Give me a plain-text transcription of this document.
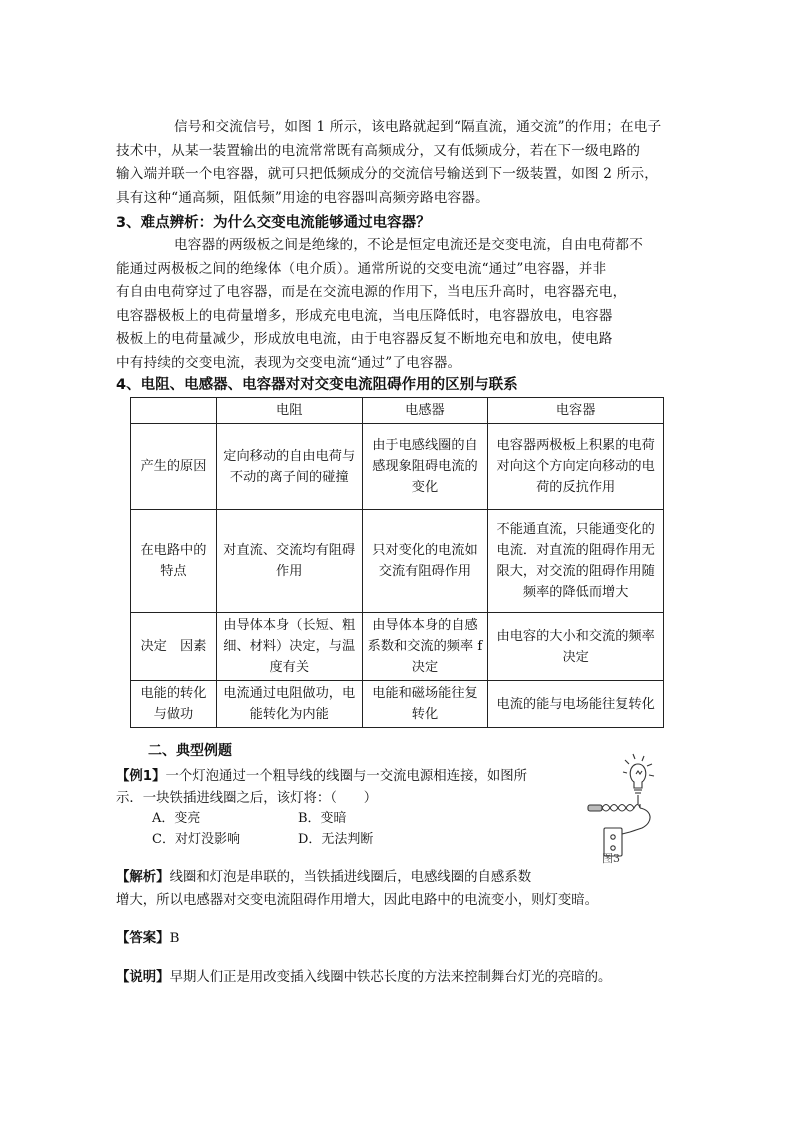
信号和交流信号，如图 1 所示，该电路就起到“隔直流，通交流”的作用；在电子
技术中，从某一装置输出的电流常常既有高频成分，又有低频成分，若在下一级电路的
输入端并联一个电容器，就可只把低频成分的交流信号输送到下一级装置，如图 2 所示，
具有这种“通高频，阻低频”用途的电容器叫高频旁路电容器。
3、难点辨析：为什么交变电流能够通过电容器？
电容器的两级板之间是绝缘的，不论是恒定电流还是交变电流，自由电荷都不
能通过两极板之间的绝缘体（电介质）。通常所说的交变电流“通过”电容器，并非
有自由电荷穿过了电容器，而是在交流电源的作用下，当电压升高时，电容器充电，
电容器极板上的电荷量增多，形成充电电流，当电压降低时，电容器放电，电容器
极板上的电荷量减少，形成放电电流，由于电容器反复不断地充电和放电，使电路
中有持续的交变电流，表现为交变电流“通过”了电容器。
4、电阻、电感器、电容器对对交变电流阻碍作用的区别与联系
	电阻	电感器	电容器
产生的原因	定向移动的自由电荷与不动的离子间的碰撞	由于电感线圈的自感现象阻碍电流的变化	电容器两极板上积累的电荷对向这个方向定向移动的电荷的反抗作用
在电路中的特点	对直流、交流均有阻碍作用	只对变化的电流如交流有阻碍作用	不能通直流，只能通变化的电流．对直流的阻碍作用无限大，对交流的阻碍作用随频率的降低而增大
决定　因素	由导体本身（长短、粗细、材料）决定，与温度有关	由导体本身的自感系数和交流的频率 f 决定	由电容的大小和交流的频率决定
电能的转化与做功	电流通过电阻做功，电能转化为内能	电能和磁场能往复转化	电流的能与电场能往复转化
二、典型例题
【例1】一个灯泡通过一个粗导线的线圈与一交流电源相连接，如图所
示．一块铁插进线圈之后，该灯将：（　　）
A．变亮	B．变暗
C．对灯没影响	D．无法判断
图3
【解析】线圈和灯泡是串联的，当铁插进线圈后，电感线圈的自感系数
增大，所以电感器对交变电流阻碍作用增大，因此电路中的电流变小，则灯变暗。
【答案】B
【说明】早期人们正是用改变插入线圈中铁芯长度的方法来控制舞台灯光的亮暗的。
